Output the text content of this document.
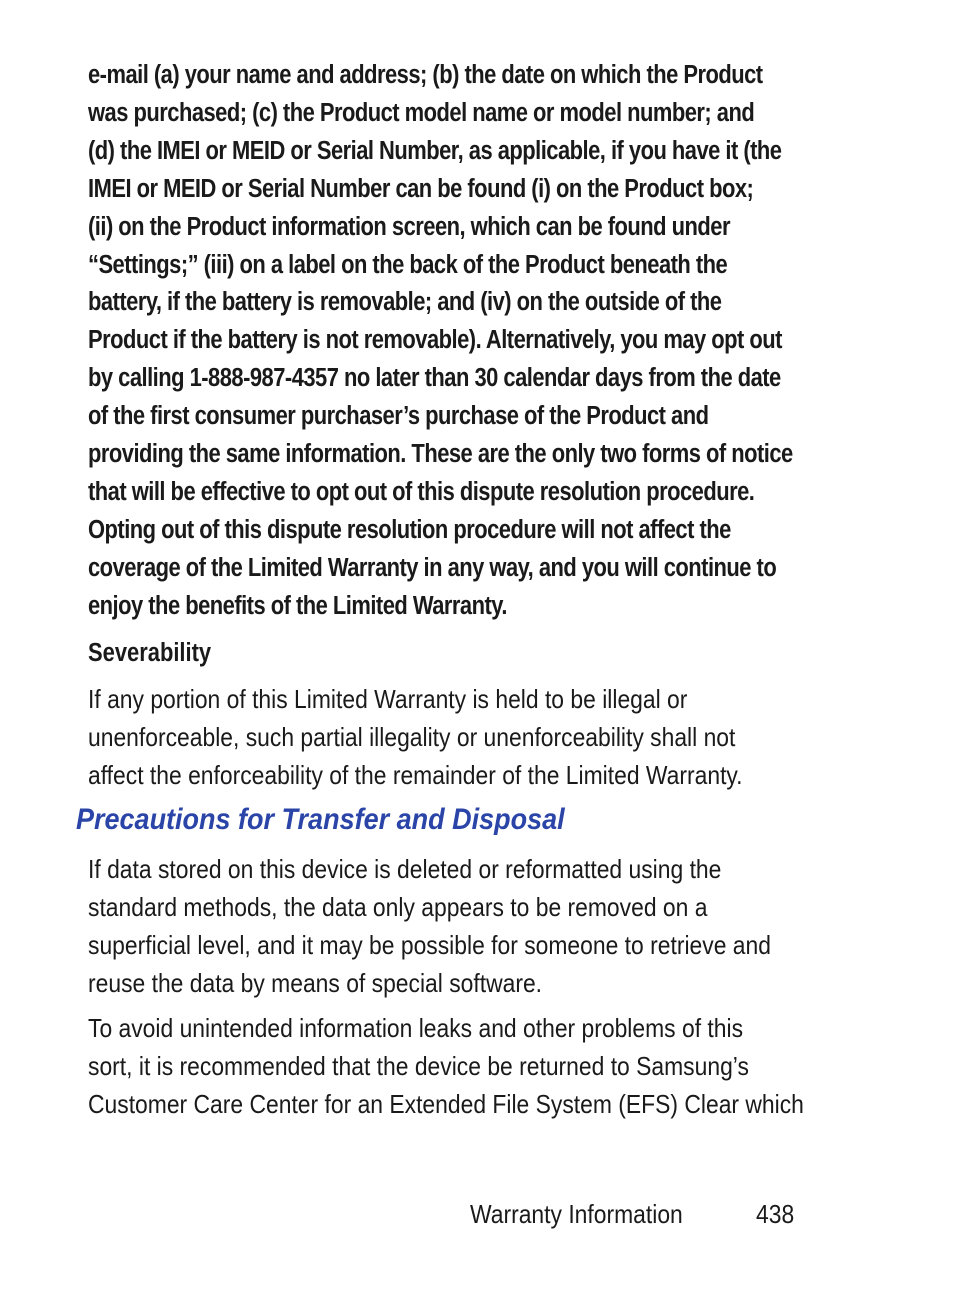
e-mail (a) your name and address; (b) the date on which the Product
was purchased; (c) the Product model name or model number; and
(d) the IMEI or MEID or Serial Number, as applicable, if you have it (the
IMEI or MEID or Serial Number can be found (i) on the Product box;
(ii) on the Product information screen, which can be found under
“Settings;” (iii) on a label on the back of the Product beneath the
battery, if the battery is removable; and (iv) on the outside of the
Product if the battery is not removable). Alternatively, you may opt out
by calling 1-888-987-4357 no later than 30 calendar days from the date
of the first consumer purchaser’s purchase of the Product and
providing the same information. These are the only two forms of notice
that will be effective to opt out of this dispute resolution procedure.
Opting out of this dispute resolution procedure will not affect the
coverage of the Limited Warranty in any way, and you will continue to
enjoy the benefits of the Limited Warranty.
Severability
If any portion of this Limited Warranty is held to be illegal or
unenforceable, such partial illegality or unenforceability shall not
affect the enforceability of the remainder of the Limited Warranty.
Precautions for Transfer and Disposal
If data stored on this device is deleted or reformatted using the
standard methods, the data only appears to be removed on a
superficial level, and it may be possible for someone to retrieve and
reuse the data by means of special software.
To avoid unintended information leaks and other problems of this
sort, it is recommended that the device be returned to Samsung’s
Customer Care Center for an Extended File System (EFS) Clear which
Warranty Information	438
